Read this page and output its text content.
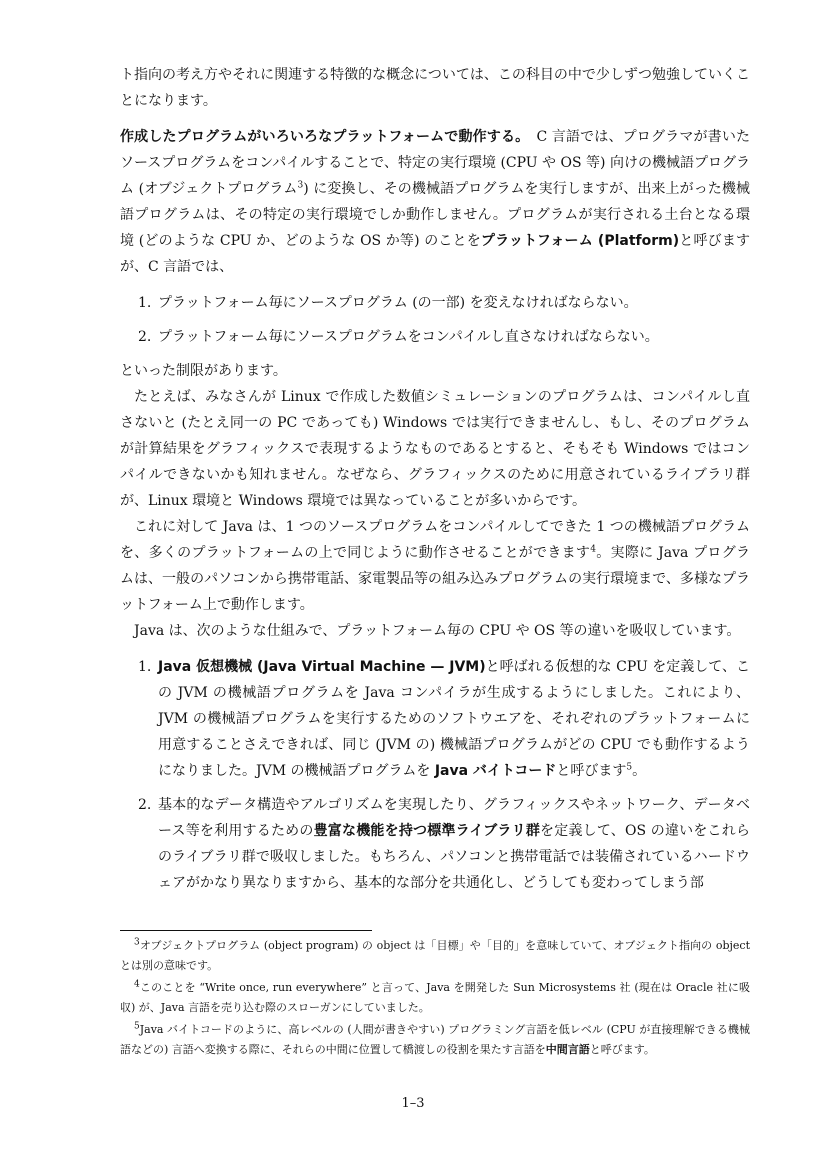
ト指向の考え方やそれに関連する特徴的な概念については、この科目の中で少しずつ勉強していくことになります。

作成したプログラムがいろいろなプラットフォームで動作する。　C 言語では、プログラマが書いたソースプログラムをコンパイルすることで、特定の実行環境 (CPU や OS 等) 向けの機械語プログラム (オブジェクトプログラム$^3$) に変換し、その機械語プログラムを実行しますが、出来上がった機械語プログラムは、その特定の実行環境でしか動作しません。プログラムが実行される土台となる環境 (どのような CPU か、どのような OS か等) のことをプラットフォーム (Platform)と呼びますが、C 言語では、

1. プラットフォーム毎にソースプログラム (の一部) を変えなければならない。
2. プラットフォーム毎にソースプログラムをコンパイルし直さなければならない。

といった制限があります。

たとえば、みなさんが Linux で作成した数値シミュレーションのプログラムは、コンパイルし直さないと (たとえ同一の PC であっても) Windows では実行できませんし、もし、そのプログラムが計算結果をグラフィックスで表現するようなものであるとすると、そもそも Windows ではコンパイルできないかも知れません。なぜなら、グラフィックスのために用意されているライブラリ群が、Linux 環境と Windows 環境では異なっていることが多いからです。

これに対して Java は、1 つのソースプログラムをコンパイルしてできた 1 つの機械語プログラムを、多くのプラットフォームの上で同じように動作させることができます$^4$。実際に Java プログラムは、一般のパソコンから携帯電話、家電製品等の組み込みプログラムの実行環境まで、多様なプラットフォーム上で動作します。

Java は、次のような仕組みで、プラットフォーム毎の CPU や OS 等の違いを吸収しています。

1. Java 仮想機械 (Java Virtual Machine — JVM)と呼ばれる仮想的な CPU を定義して、この JVM の機械語プログラムを Java コンパイラが生成するようにしました。これにより、JVM の機械語プログラムを実行するためのソフトウエアを、それぞれのプラットフォームに用意することさえできれば、同じ (JVM の) 機械語プログラムがどの CPU でも動作するようになりました。JVM の機械語プログラムを Java バイトコードと呼びます$^5$。
2. 基本的なデータ構造やアルゴリズムを実現したり、グラフィックスやネットワーク、データベース等を利用するための豊富な機能を持つ標準ライブラリ群を定義して、OS の違いをこれらのライブラリ群で吸収しました。もちろん、パソコンと携帯電話では装備されているハードウェアがかなり異なりますから、基本的な部分を共通化し、どうしても変わってしまう部

$^3$オブジェクトプログラム (object program) の object は「目標」や「目的」を意味していて、オブジェクト指向の object とは別の意味です。

$^4$このことを “Write once, run everywhere” と言って、Java を開発した Sun Microsystems 社 (現在は Oracle 社に吸収) が、Java 言語を売り込む際のスローガンにしていました。

$^5$Java バイトコードのように、高レベルの (人間が書きやすい) プログラミング言語を低レベル (CPU が直接理解できる機械語などの) 言語へ変換する際に、それらの中間に位置して橋渡しの役割を果たす言語を中間言語と呼びます。

1–3
